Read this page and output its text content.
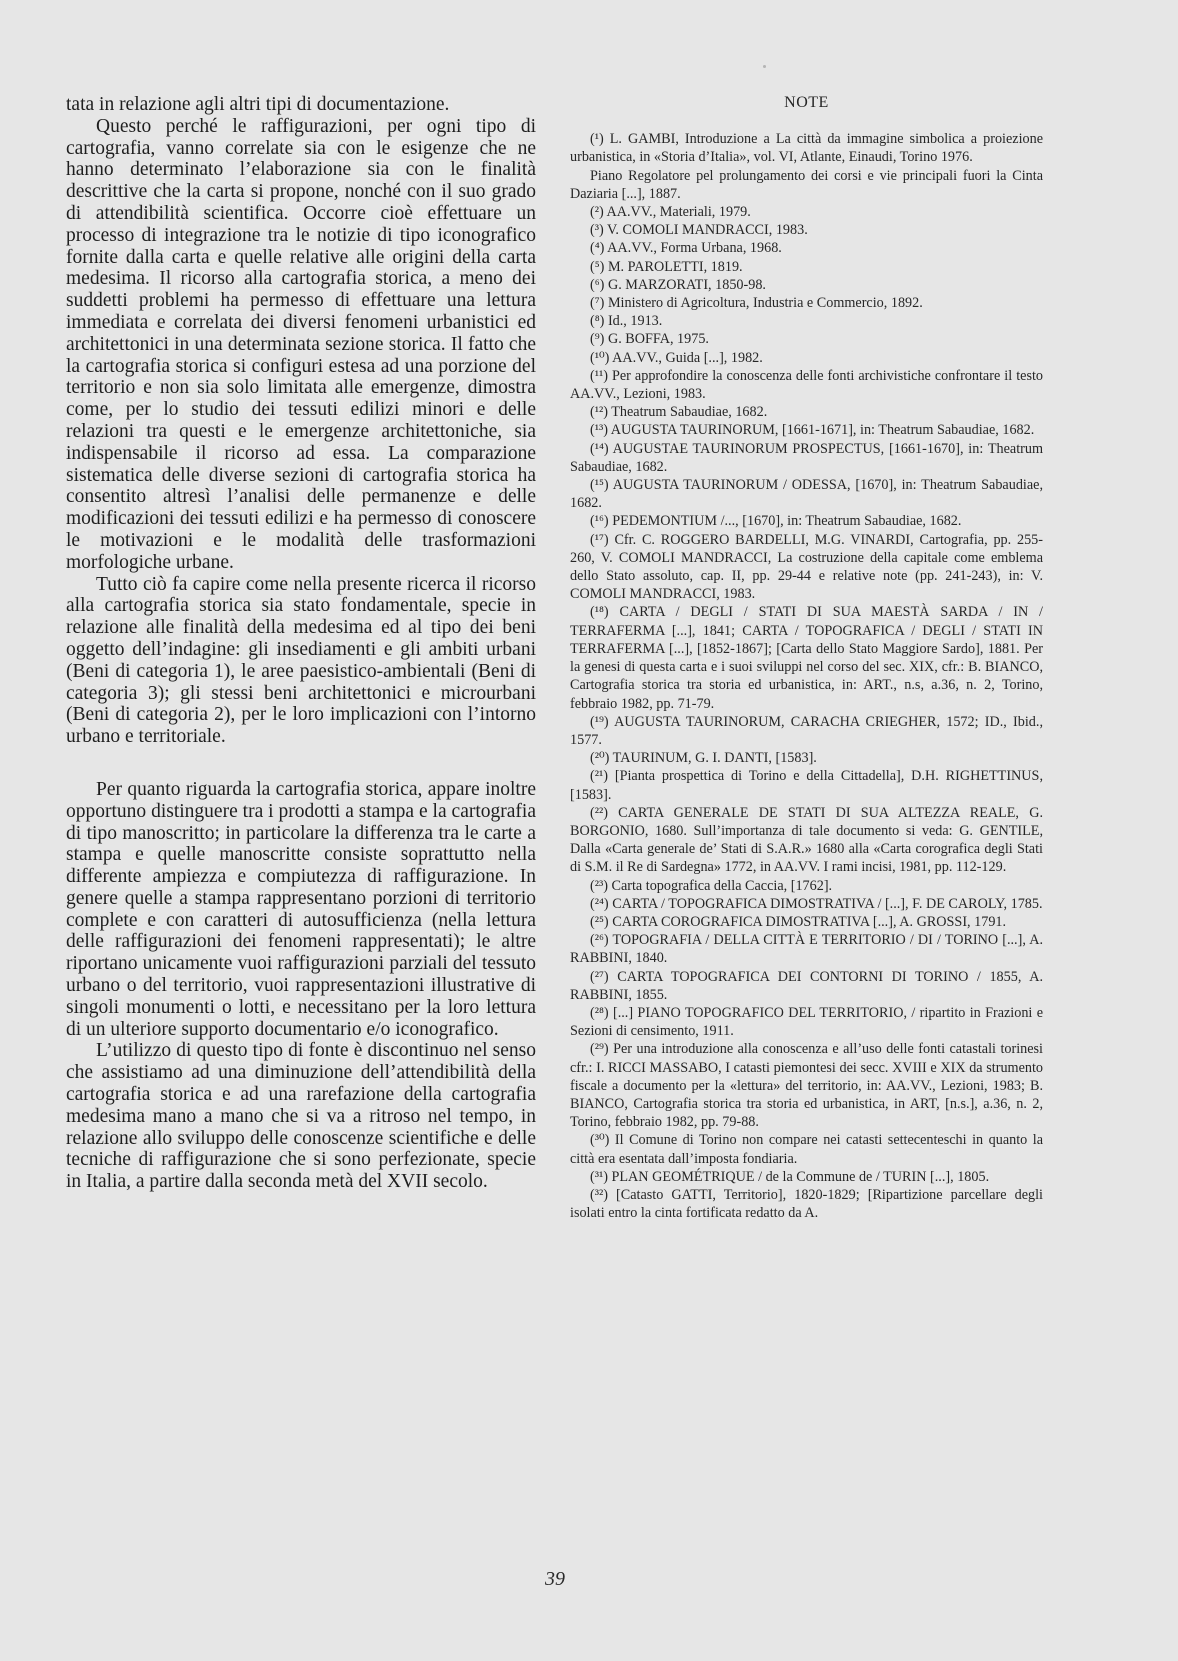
tata in relazione agli altri tipi di documentazione.

Questo perché le raffigurazioni, per ogni tipo di cartografia, vanno correlate sia con le esigenze che ne hanno determinato l’elaborazione sia con le finalità descrittive che la carta si propone, nonché con il suo grado di attendibilità scientifica. Occorre cioè effettuare un processo di integrazione tra le notizie di tipo iconografico fornite dalla carta e quelle relative alle origini della carta medesima. Il ricorso alla cartografia storica, a meno dei suddetti problemi ha permesso di effettuare una lettura immediata e correlata dei diversi fenomeni urbanistici ed architettonici in una determinata sezione storica. Il fatto che la cartografia storica si configuri estesa ad una porzione del territorio e non sia solo limitata alle emergenze, dimostra come, per lo studio dei tessuti edilizi minori e delle relazioni tra questi e le emergenze architettoniche, sia indispensabile il ricorso ad essa. La comparazione sistematica delle diverse sezioni di cartografia storica ha consentito altresì l’analisi delle permanenze e delle modificazioni dei tessuti edilizi e ha permesso di conoscere le motivazioni e le modalità delle trasformazioni morfologiche urbane.

Tutto ciò fa capire come nella presente ricerca il ricorso alla cartografia storica sia stato fondamentale, specie in relazione alle finalità della medesima ed al tipo dei beni oggetto dell’indagine: gli insediamenti e gli ambiti urbani (Beni di categoria 1), le aree paesistico-ambientali (Beni di categoria 3); gli stessi beni architettonici e microurbani (Beni di categoria 2), per le loro implicazioni con l’intorno urbano e territoriale.

Per quanto riguarda la cartografia storica, appare inoltre opportuno distinguere tra i prodotti a stampa e la cartografia di tipo manoscritto; in particolare la differenza tra le carte a stampa e quelle manoscritte consiste soprattutto nella differente ampiezza e compiutezza di raffigurazione. In genere quelle a stampa rappresentano porzioni di territorio complete e con caratteri di autosufficienza (nella lettura delle raffigurazioni dei fenomeni rappresentati); le altre riportano unicamente vuoi raffigurazioni parziali del tessuto urbano o del territorio, vuoi rappresentazioni illustrative di singoli monumenti o lotti, e necessitano per la loro lettura di un ulteriore supporto documentario e/o iconografico.

L’utilizzo di questo tipo di fonte è discontinuo nel senso che assistiamo ad una diminuzione dell’attendibilità della cartografia storica e ad una rarefazione della cartografia medesima mano a mano che si va a ritroso nel tempo, in relazione allo sviluppo delle conoscenze scientifiche e delle tecniche di raffigurazione che si sono perfezionate, specie in Italia, a partire dalla seconda metà del XVII secolo.

NOTE

(¹) L. GAMBI, Introduzione a La città da immagine simbolica a proiezione urbanistica, in «Storia d’Italia», vol. VI, Atlante, Einaudi, Torino 1976.

Piano Regolatore pel prolungamento dei corsi e vie principali fuori la Cinta Daziaria [...], 1887.

(²) AA.VV., Materiali, 1979.

(³) V. COMOLI MANDRACCI, 1983.

(⁴) AA.VV., Forma Urbana, 1968.

(⁵) M. PAROLETTI, 1819.

(⁶) G. MARZORATI, 1850-98.

(⁷) Ministero di Agricoltura, Industria e Commercio, 1892.

(⁸) Id., 1913.

(⁹) G. BOFFA, 1975.

(¹⁰) AA.VV., Guida [...], 1982.

(¹¹) Per approfondire la conoscenza delle fonti archivistiche confrontare il testo AA.VV., Lezioni, 1983.

(¹²) Theatrum Sabaudiae, 1682.

(¹³) AUGUSTA TAURINORUM, [1661-1671], in: Theatrum Sabaudiae, 1682.

(¹⁴) AUGUSTAE TAURINORUM PROSPECTUS, [1661-1670], in: Theatrum Sabaudiae, 1682.

(¹⁵) AUGUSTA TAURINORUM / ODESSA, [1670], in: Theatrum Sabaudiae, 1682.

(¹⁶) PEDEMONTIUM /..., [1670], in: Theatrum Sabaudiae, 1682.

(¹⁷) Cfr. C. ROGGERO BARDELLI, M.G. VINARDI, Cartografia, pp. 255-260, V. COMOLI MANDRACCI, La costruzione della capitale come emblema dello Stato assoluto, cap. II, pp. 29-44 e relative note (pp. 241-243), in: V. COMOLI MANDRACCI, 1983.

(¹⁸) CARTA / DEGLI / STATI DI SUA MAESTÀ SARDA / IN / TERRAFERMA [...], 1841; CARTA / TOPOGRAFICA / DEGLI / STATI IN TERRAFERMA [...], [1852-1867]; [Carta dello Stato Maggiore Sardo], 1881. Per la genesi di questa carta e i suoi sviluppi nel corso del sec. XIX, cfr.: B. BIANCO, Cartografia storica tra storia ed urbanistica, in: ART., n.s, a.36, n. 2, Torino, febbraio 1982, pp. 71-79.

(¹⁹) AUGUSTA TAURINORUM, CARACHA CRIEGHER, 1572; ID., Ibid., 1577.

(²⁰) TAURINUM, G. I. DANTI, [1583].

(²¹) [Pianta prospettica di Torino e della Cittadella], D.H. RIGHETTINUS, [1583].

(²²) CARTA GENERALE DE STATI DI SUA ALTEZZA REALE, G. BORGONIO, 1680. Sull’importanza di tale documento si veda: G. GENTILE, Dalla «Carta generale de’ Stati di S.A.R.» 1680 alla «Carta corografica degli Stati di S.M. il Re di Sardegna» 1772, in AA.VV. I rami incisi, 1981, pp. 112-129.

(²³) Carta topografica della Caccia, [1762].

(²⁴) CARTA / TOPOGRAFICA DIMOSTRATIVA / [...], F. DE CAROLY, 1785.

(²⁵) CARTA COROGRAFICA DIMOSTRATIVA [...], A. GROSSI, 1791.

(²⁶) TOPOGRAFIA / DELLA CITTÀ E TERRITORIO / DI / TORINO [...], A. RABBINI, 1840.

(²⁷) CARTA TOPOGRAFICA DEI CONTORNI DI TORINO / 1855, A. RABBINI, 1855.

(²⁸) [...] PIANO TOPOGRAFICO DEL TERRITORIO, / ripartito in Frazioni e Sezioni di censimento, 1911.

(²⁹) Per una introduzione alla conoscenza e all’uso delle fonti catastali torinesi cfr.: I. RICCI MASSABO, I catasti piemontesi dei secc. XVIII e XIX da strumento fiscale a documento per la «lettura» del territorio, in: AA.VV., Lezioni, 1983; B. BIANCO, Cartografia storica tra storia ed urbanistica, in ART, [n.s.], a.36, n. 2, Torino, febbraio 1982, pp. 79-88.

(³⁰) Il Comune di Torino non compare nei catasti settecenteschi in quanto la città era esentata dall’imposta fondiaria.

(³¹) PLAN GEOMÉTRIQUE / de la Commune de / TURIN [...], 1805.

(³²) [Catasto GATTI, Territorio], 1820-1829; [Ripartizione parcellare degli isolati entro la cinta fortificata redatto da A.

39
